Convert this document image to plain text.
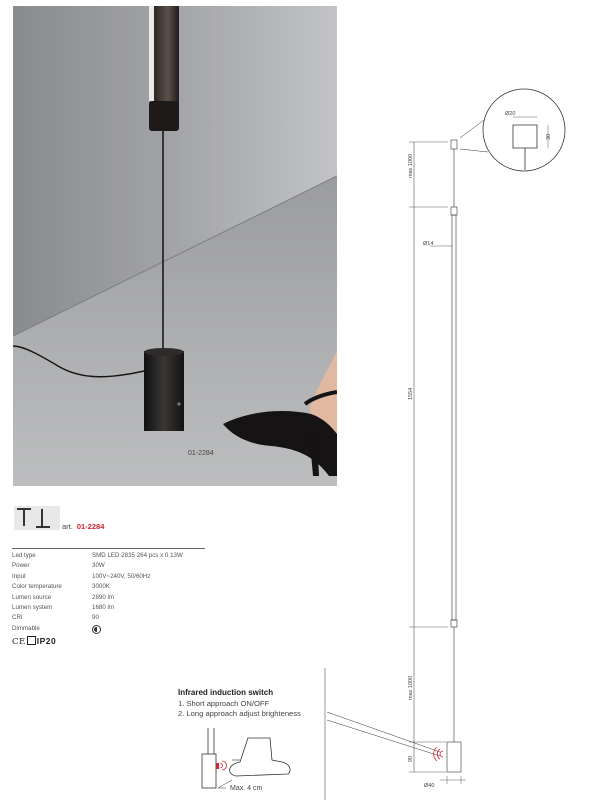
01-2284
art. 01-2284
Led type	SMD LED 2835 264 pcs x 0.13W
Power	30W
Input	100V~240V, 50/60Hz
Color temperature	3000K
Lumen source	2890 lm
Lumen system	1680 lm
CRI	90
Dimmable
CE IP20
Infrared induction switch
1. Short approach ON/OFF
2. Long approach adjust brighteness
max 1000
Ø14
1554
max 1000
90
Ø40
Ø20
30
Max. 4 cm
